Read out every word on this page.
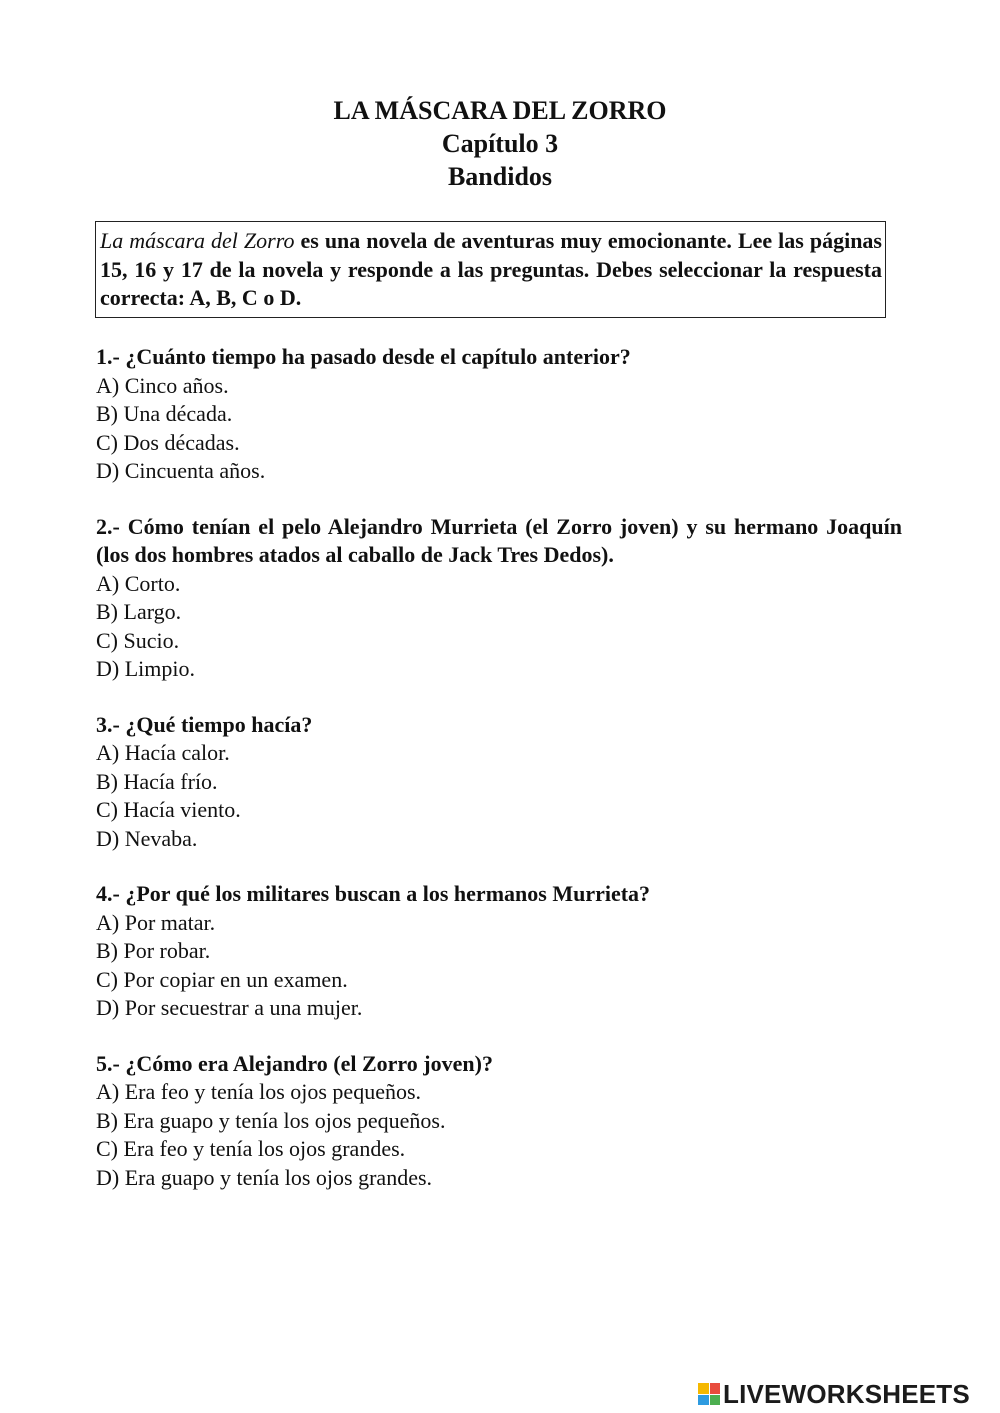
LA MÁSCARA DEL ZORRO
Capítulo 3
Bandidos
La máscara del Zorro es una novela de aventuras muy emocionante. Lee las páginas 15, 16 y 17 de la novela y responde a las preguntas. Debes seleccionar la respuesta correcta: A, B, C o D.
1.- ¿Cuánto tiempo ha pasado desde el capítulo anterior?
A) Cinco años.
B) Una década.
C) Dos décadas.
D) Cincuenta años.
2.- Cómo tenían el pelo Alejandro Murrieta (el Zorro joven) y su hermano Joaquín (los dos hombres atados al caballo de Jack Tres Dedos).
A) Corto.
B) Largo.
C) Sucio.
D) Limpio.
3.- ¿Qué tiempo hacía?
A) Hacía calor.
B) Hacía frío.
C) Hacía viento.
D) Nevaba.
4.- ¿Por qué los militares buscan a los hermanos Murrieta?
A) Por matar.
B) Por robar.
C) Por copiar en un examen.
D) Por secuestrar a una mujer.
5.- ¿Cómo era Alejandro (el Zorro joven)?
A) Era feo y tenía los ojos pequeños.
B) Era guapo y tenía los ojos pequeños.
C) Era feo y tenía los ojos grandes.
D) Era guapo y tenía los ojos grandes.
LIVEWORKSHEETS
